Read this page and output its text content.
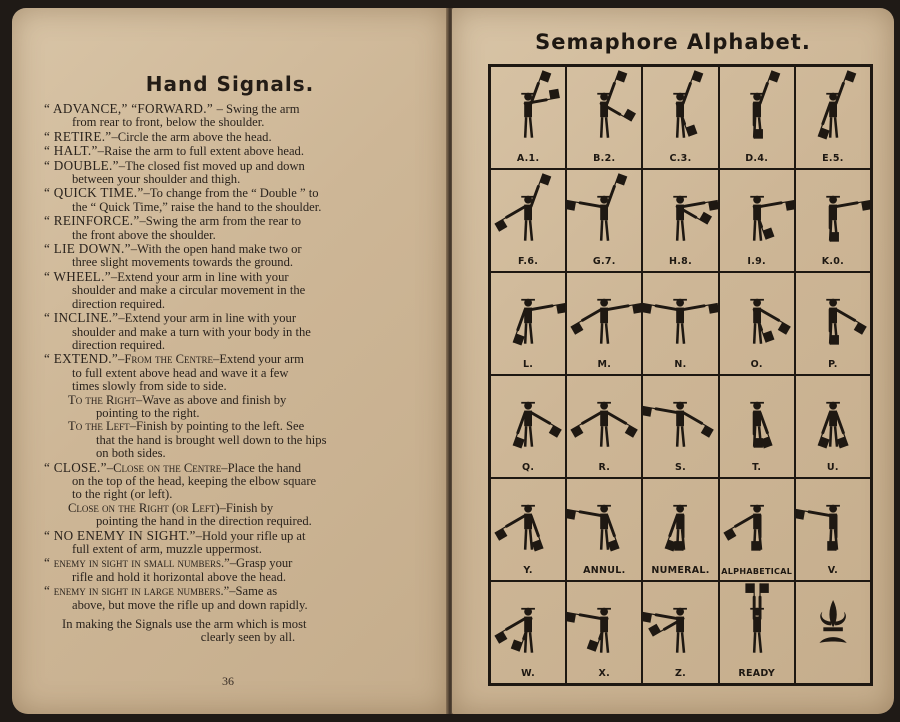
Hand Signals.
“ ADVANCE,” “FORWARD.” – Swing the arm
from rear to front, below the shoulder.
“ RETIRE.”–Circle the arm above the head.
“ HALT.”–Raise the arm to full extent above head.
“ DOUBLE.”–The closed fist moved up and down
between your shoulder and thigh.
“ QUICK TIME.”–To change from the “ Double ” to
the “ Quick Time,” raise the hand to the shoulder.
“ REINFORCE.”–Swing the arm from the rear to
the front above the shoulder.
“ LIE DOWN.”–With the open hand make two or
three slight movements towards the ground.
“ WHEEL.”–Extend your arm in line with your
shoulder and make a circular movement in the
direction required.
“ INCLINE.”–Extend your arm in line with your
shoulder and make a turn with your body in the
direction required.
“ EXTEND.”–From the Centre–Extend your arm
to full extent above head and wave it a few
times slowly from side to side.
To the Right–Wave as above and finish by
pointing to the right.
To the Left–Finish by pointing to the left. See
that the hand is brought well down to the hips
on both sides.
“ CLOSE.”–Close on the Centre–Place the hand
on the top of the head, keeping the elbow square
to the right (or left).
Close on the Right (or Left)–Finish by
pointing the hand in the direction required.
“ NO ENEMY IN SIGHT.”–Hold your rifle up at
full extent of arm, muzzle uppermost.
“ enemy in sight in small numbers.”–Grasp your
rifle and hold it horizontal above the head.
“ enemy in sight in large numbers.”–Same as
above, but move the rifle up and down rapidly.
In making the Signals use the arm which is most
clearly seen by all.
36
Semaphore Alphabet.
A.1.	B.2.	C.3.	D.4.	E.5.
F.6.	G.7.	H.8.	I.9.	K.0.
L.	M.	N.	O.	P.
Q.	R.	S.	T.	U.
Y.	ANNUL.	NUMERAL.	ALPHABETICAL	V.
W.	X.	Z.	READY
